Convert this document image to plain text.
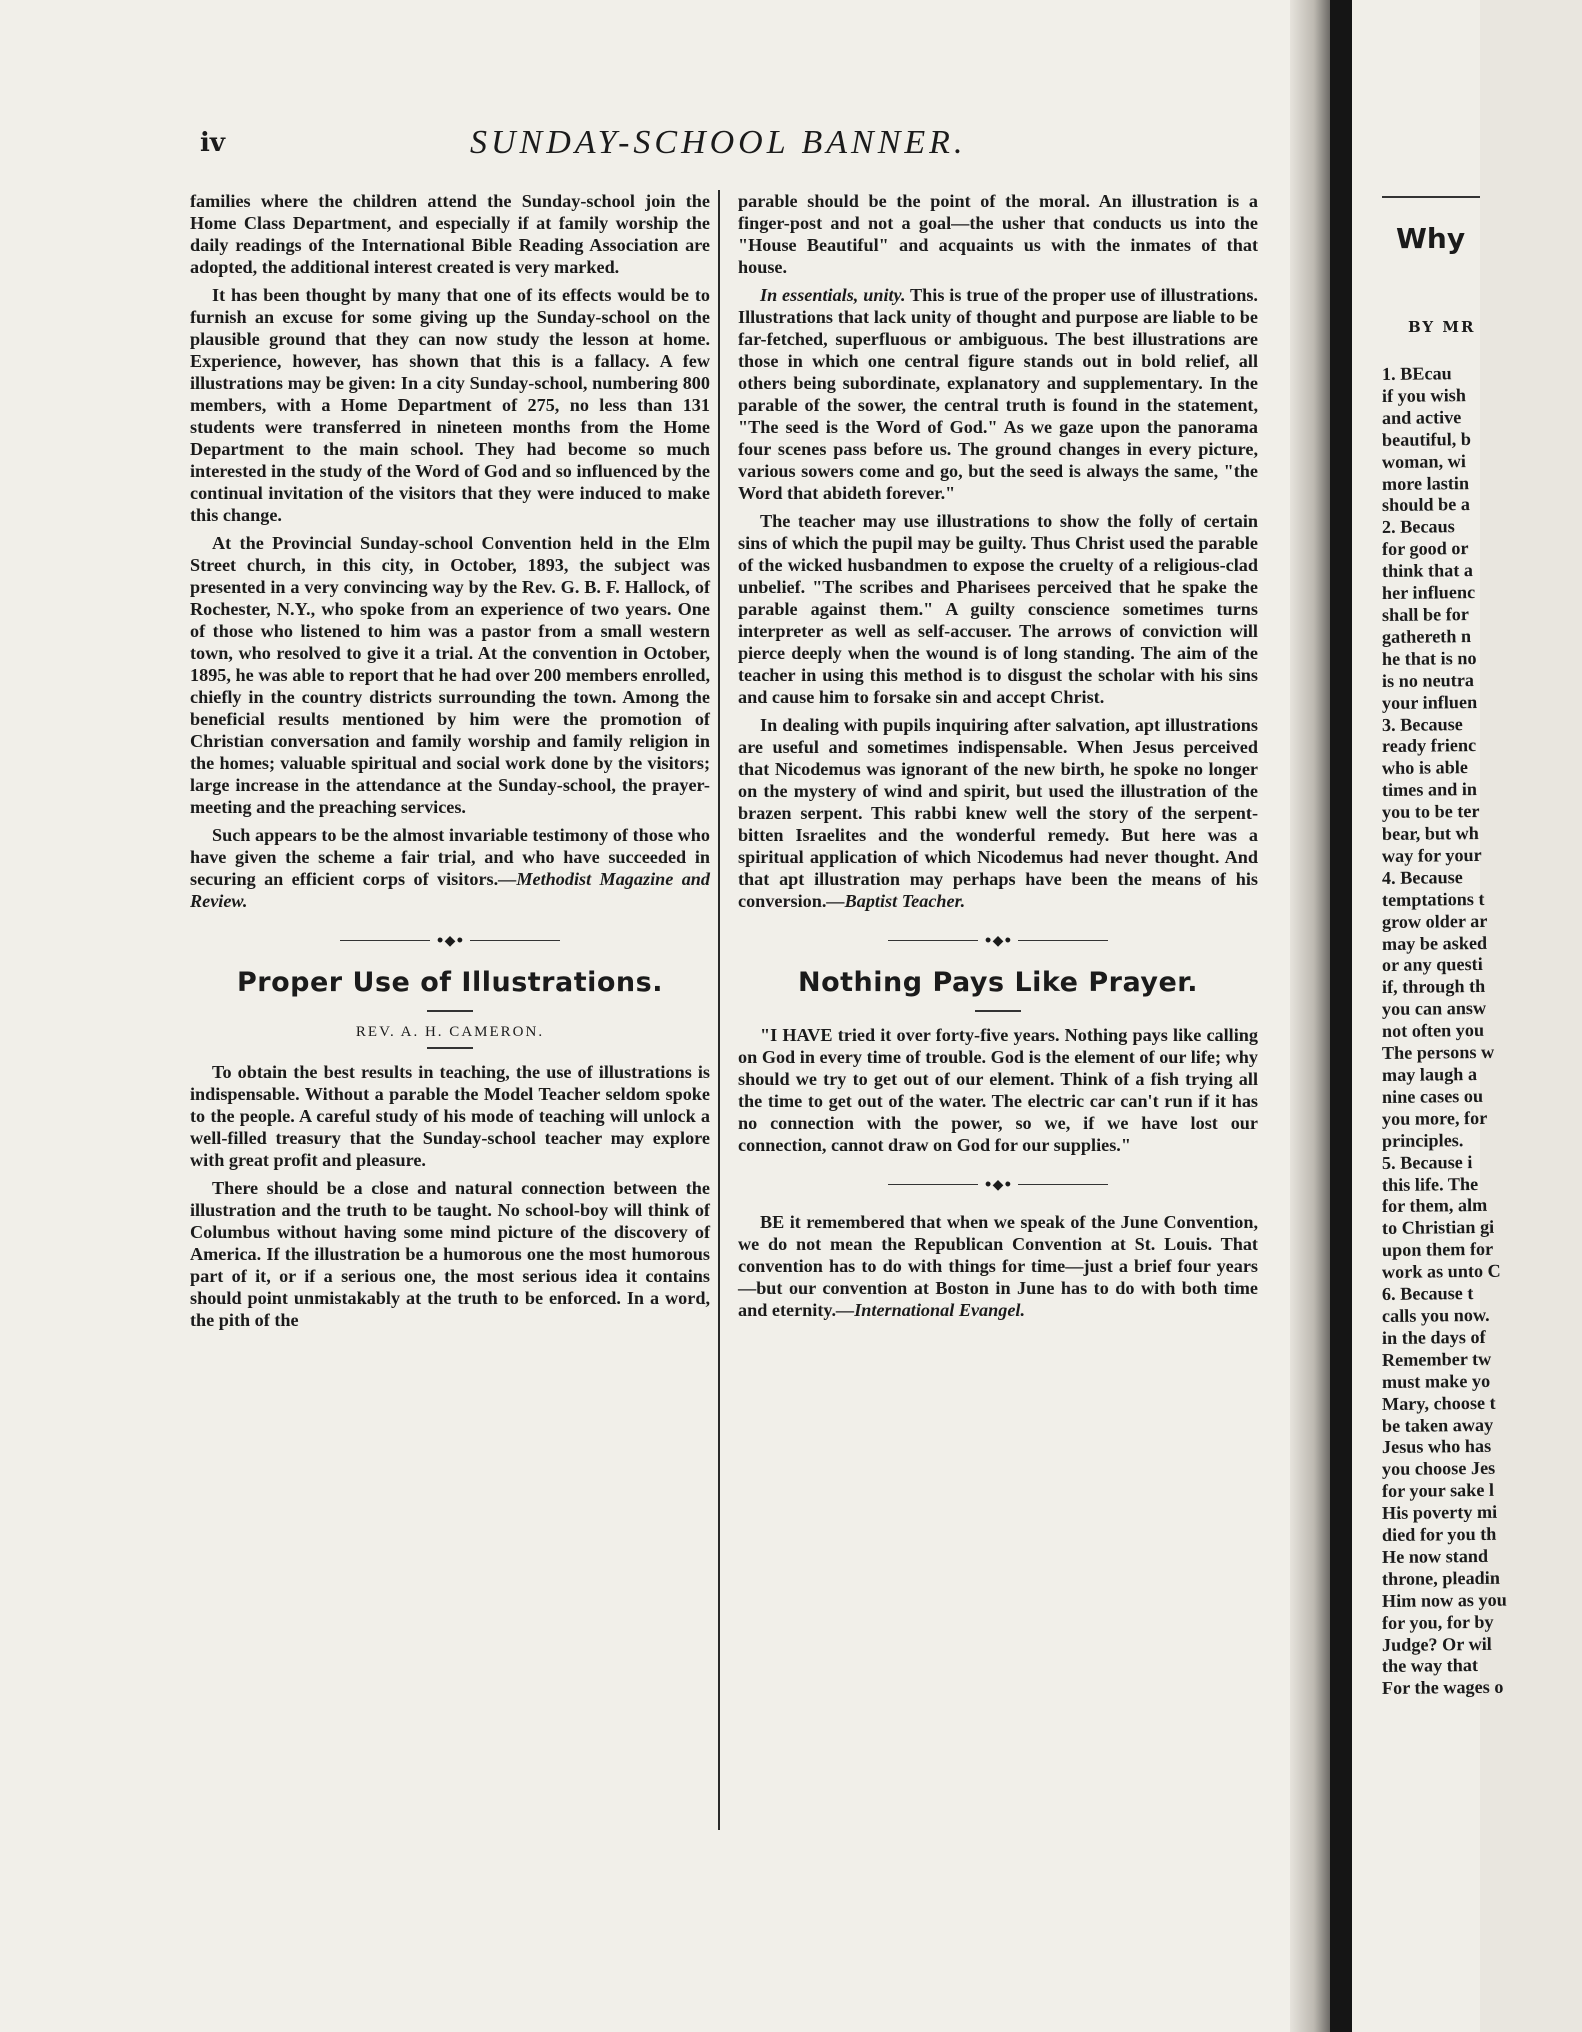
iv	SUNDAY-SCHOOL BANNER.

families where the children attend the Sunday-school join the Home Class Department, and especially if at family worship the daily readings of the International Bible Reading Association are adopted, the additional interest created is very marked.

It has been thought by many that one of its effects would be to furnish an excuse for some giving up the Sunday-school on the plausible ground that they can now study the lesson at home. Experience, however, has shown that this is a fallacy. A few illustrations may be given: In a city Sunday-school, numbering 800 members, with a Home Department of 275, no less than 131 students were transferred in nineteen months from the Home Department to the main school. They had become so much interested in the study of the Word of God and so influenced by the continual invitation of the visitors that they were induced to make this change.

At the Provincial Sunday-school Convention held in the Elm Street church, in this city, in October, 1893, the subject was presented in a very convincing way by the Rev. G. B. F. Hallock, of Rochester, N.Y., who spoke from an experience of two years. One of those who listened to him was a pastor from a small western town, who resolved to give it a trial. At the convention in October, 1895, he was able to report that he had over 200 members enrolled, chiefly in the country districts surrounding the town. Among the beneficial results mentioned by him were the promotion of Christian conversation and family worship and family religion in the homes; valuable spiritual and social work done by the visitors; large increase in the attendance at the Sunday-school, the prayer-meeting and the preaching services.

Such appears to be the almost invariable testimony of those who have given the scheme a fair trial, and who have succeeded in securing an efficient corps of visitors.—Methodist Magazine and Review.

•◆•
Proper Use of Illustrations.
REV. A. H. CAMERON.

To obtain the best results in teaching, the use of illustrations is indispensable. Without a parable the Model Teacher seldom spoke to the people. A careful study of his mode of teaching will unlock a well-filled treasury that the Sunday-school teacher may explore with great profit and pleasure.

There should be a close and natural connection between the illustration and the truth to be taught. No school-boy will think of Columbus without having some mind picture of the discovery of America. If the illustration be a humorous one the most humorous part of it, or if a serious one, the most serious idea it contains should point unmistakably at the truth to be enforced. In a word, the pith of the

parable should be the point of the moral. An illustration is a finger-post and not a goal—the usher that conducts us into the "House Beautiful" and acquaints us with the inmates of that house.

In essentials, unity. This is true of the proper use of illustrations. Illustrations that lack unity of thought and purpose are liable to be far-fetched, superfluous or ambiguous. The best illustrations are those in which one central figure stands out in bold relief, all others being subordinate, explanatory and supplementary. In the parable of the sower, the central truth is found in the statement, "The seed is the Word of God." As we gaze upon the panorama four scenes pass before us. The ground changes in every picture, various sowers come and go, but the seed is always the same, "the Word that abideth forever."

The teacher may use illustrations to show the folly of certain sins of which the pupil may be guilty. Thus Christ used the parable of the wicked husbandmen to expose the cruelty of a religious-clad unbelief. "The scribes and Pharisees perceived that he spake the parable against them." A guilty conscience sometimes turns interpreter as well as self-accuser. The arrows of conviction will pierce deeply when the wound is of long standing. The aim of the teacher in using this method is to disgust the scholar with his sins and cause him to forsake sin and accept Christ.

In dealing with pupils inquiring after salvation, apt illustrations are useful and sometimes indispensable. When Jesus perceived that Nicodemus was ignorant of the new birth, he spoke no longer on the mystery of wind and spirit, but used the illustration of the brazen serpent. This rabbi knew well the story of the serpent-bitten Israelites and the wonderful remedy. But here was a spiritual application of which Nicodemus had never thought. And that apt illustration may perhaps have been the means of his conversion.—Baptist Teacher.

•◆•
Nothing Pays Like Prayer.

"I HAVE tried it over forty-five years. Nothing pays like calling on God in every time of trouble. God is the element of our life; why should we try to get out of our element. Think of a fish trying all the time to get out of the water. The electric car can't run if it has no connection with the power, so we, if we have lost our connection, cannot draw on God for our supplies."

•◆•

BE it remembered that when we speak of the June Convention, we do not mean the Republican Convention at St. Louis. That convention has to do with things for time—just a brief four years—but our convention at Boston in June has to do with both time and eternity.—International Evangel.

Why
BY MR
1. BEcau
if you wish
and active
beautiful, b
woman, wi
more lastin
should be a
2. Becaus
for good or
think that a
her influenc
shall be for
gathereth n
he that is no
is no neutra
your influen
3. Because
ready frienc
who is able
times and in
you to be ter
bear, but wh
way for your
4. Because
temptations t
grow older ar
may be asked
or any questi
if, through th
you can answ
not often you
The persons w
may laugh a
nine cases ou
you more, for
principles.
5. Because i
this life. The
for them, alm
to Christian gi
upon them for
work as unto C
6. Because t
calls you now.
in the days of
Remember tw
must make yo
Mary, choose t
be taken away
Jesus who has
you choose Jes
for your sake l
His poverty mi
died for you th
He now stand
throne, pleadin
Him now as you
for you, for by
Judge? Or wil
the way that
For the wages o
